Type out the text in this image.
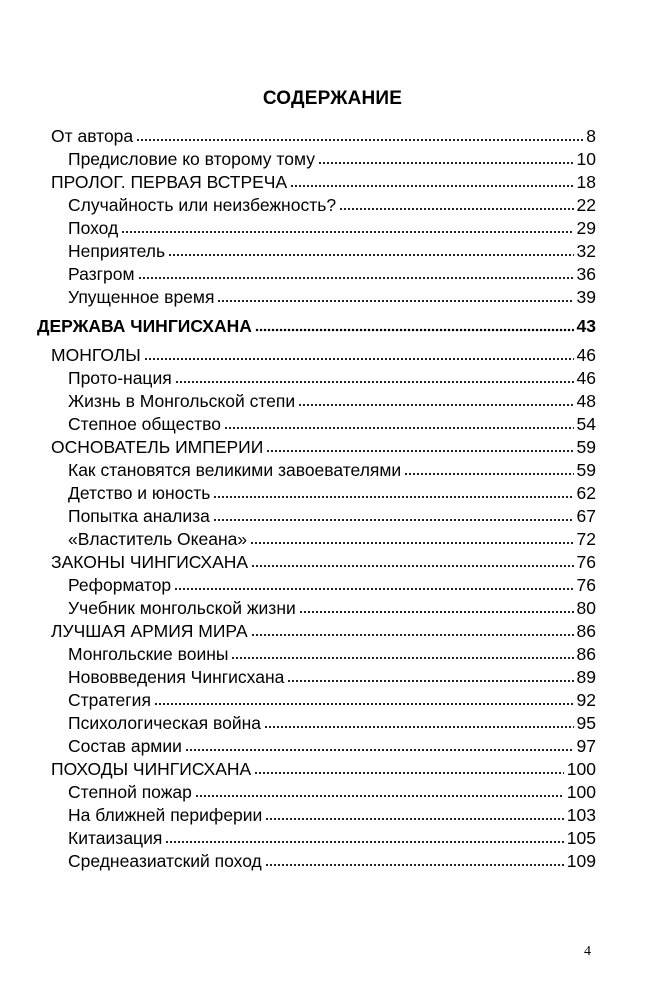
СОДЕРЖАНИЕ
От автора	8
Предисловие ко второму тому	10
ПРОЛОГ. ПЕРВАЯ ВСТРЕЧА	18
Случайность или неизбежность?	22
Поход	29
Неприятель	32
Разгром	36
Упущенное время	39
ДЕРЖАВА ЧИНГИСХАНА	43
МОНГОЛЫ	46
Прото-нация	46
Жизнь в Монгольской степи	48
Степное общество	54
ОСНОВАТЕЛЬ ИМПЕРИИ	59
Как становятся великими завоевателями	59
Детство и юность	62
Попытка анализа	67
«Властитель Океана»	72
ЗАКОНЫ ЧИНГИСХАНА	76
Реформатор	76
Учебник монгольской жизни	80
ЛУЧШАЯ АРМИЯ МИРА	86
Монгольские воины	86
Нововведения Чингисхана	89
Стратегия	92
Психологическая война	95
Состав армии	97
ПОХОДЫ ЧИНГИСХАНА	100
Степной пожар	100
На ближней периферии	103
Китаизация	105
Среднеазиатский поход	109
4
